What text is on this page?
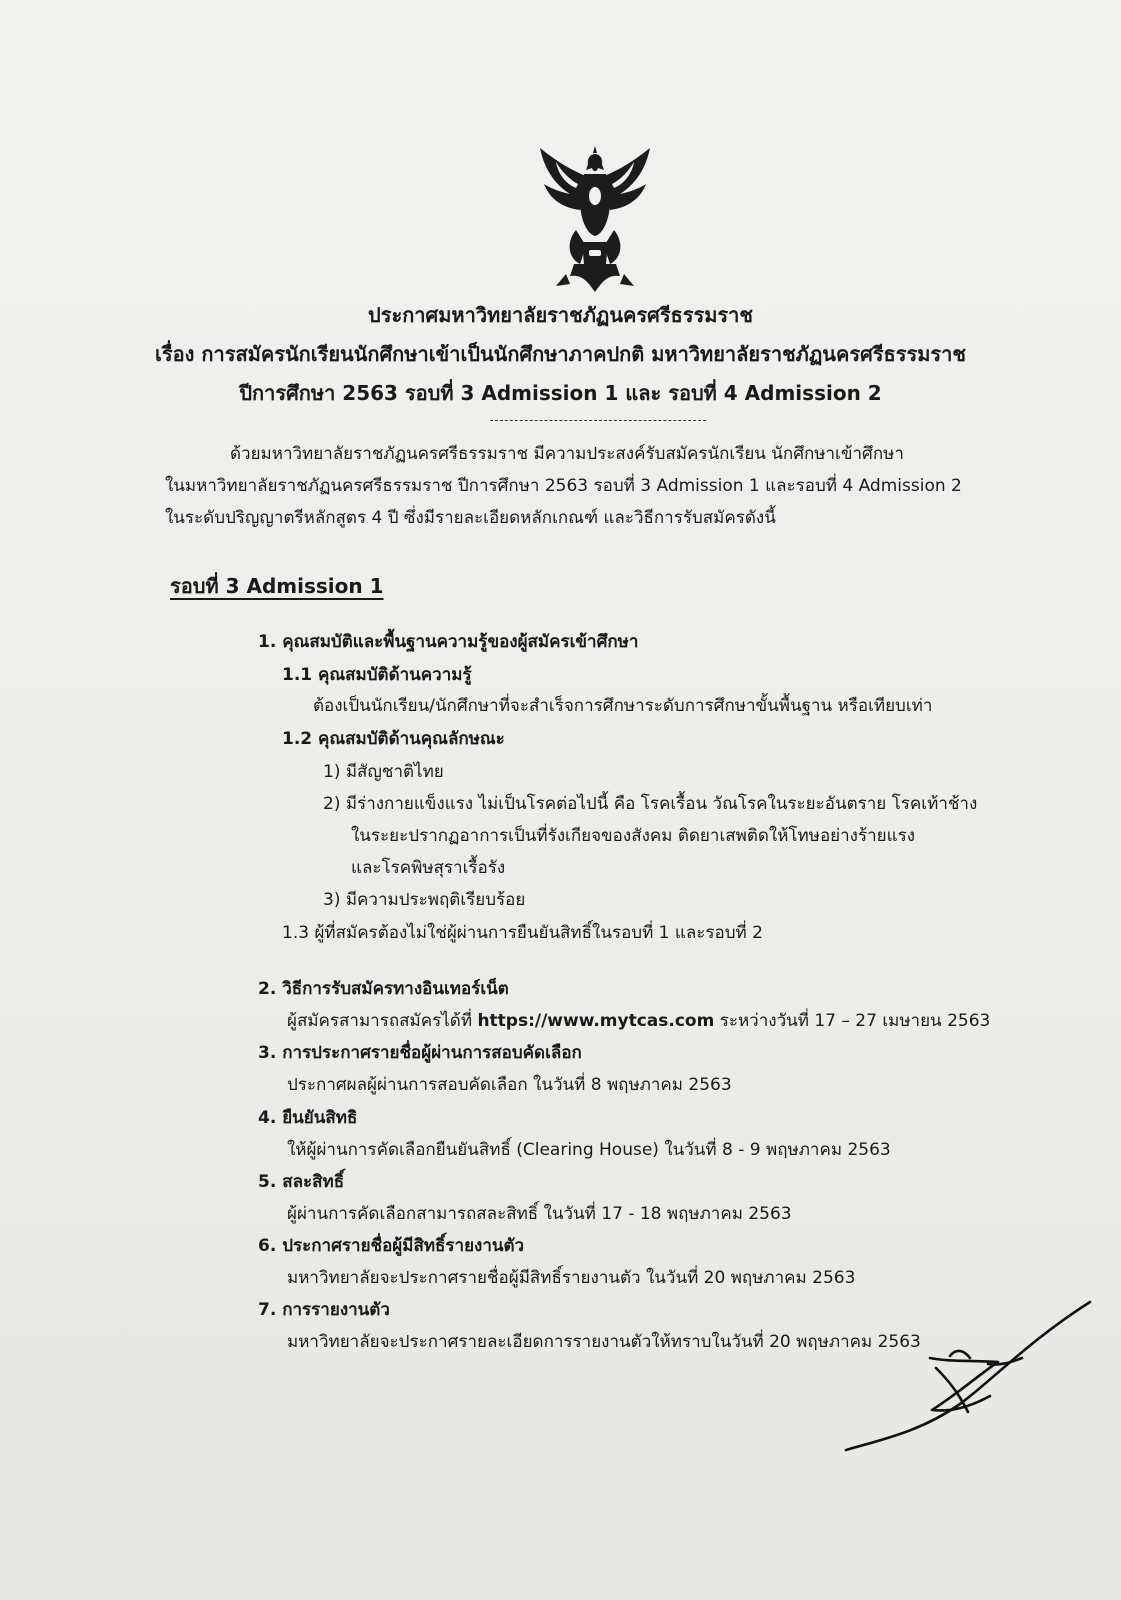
ประกาศมหาวิทยาลัยราชภัฏนครศรีธรรมราช
เรื่อง การสมัครนักเรียนนักศึกษาเข้าเป็นนักศึกษาภาคปกติ มหาวิทยาลัยราชภัฏนครศรีธรรมราช
ปีการศึกษา 2563 รอบที่ 3 Admission 1 และ รอบที่ 4 Admission 2
ด้วยมหาวิทยาลัยราชภัฏนครศรีธรรมราช มีความประสงค์รับสมัครนักเรียน นักศึกษาเข้าศึกษา
ในมหาวิทยาลัยราชภัฏนครศรีธรรมราช ปีการศึกษา 2563 รอบที่ 3 Admission 1 และรอบที่ 4 Admission 2
ในระดับปริญญาตรีหลักสูตร 4 ปี ซึ่งมีรายละเอียดหลักเกณฑ์ และวิธีการรับสมัครดังนี้
รอบที่ 3 Admission 1
1. คุณสมบัติและพื้นฐานความรู้ของผู้สมัครเข้าศึกษา
1.1 คุณสมบัติด้านความรู้
ต้องเป็นนักเรียน/นักศึกษาที่จะสำเร็จการศึกษาระดับการศึกษาขั้นพื้นฐาน หรือเทียบเท่า
1.2 คุณสมบัติด้านคุณลักษณะ
1) มีสัญชาติไทย
2) มีร่างกายแข็งแรง ไม่เป็นโรคต่อไปนี้ คือ โรคเรื้อน วัณโรคในระยะอันตราย โรคเท้าช้าง
ในระยะปรากฏอาการเป็นที่รังเกียจของสังคม ติดยาเสพติดให้โทษอย่างร้ายแรง
และโรคพิษสุราเรื้อรัง
3) มีความประพฤติเรียบร้อย
1.3 ผู้ที่สมัครต้องไม่ใช่ผู้ผ่านการยืนยันสิทธิ์ในรอบที่ 1 และรอบที่ 2
2. วิธีการรับสมัครทางอินเทอร์เน็ต
ผู้สมัครสามารถสมัครได้ที่ https://www.mytcas.com ระหว่างวันที่ 17 – 27 เมษายน 2563
3. การประกาศรายชื่อผู้ผ่านการสอบคัดเลือก
ประกาศผลผู้ผ่านการสอบคัดเลือก ในวันที่ 8 พฤษภาคม 2563
4. ยืนยันสิทธิ
ให้ผู้ผ่านการคัดเลือกยืนยันสิทธิ์ (Clearing House) ในวันที่ 8 - 9 พฤษภาคม 2563
5. สละสิทธิ์
ผู้ผ่านการคัดเลือกสามารถสละสิทธิ์ ในวันที่ 17 - 18 พฤษภาคม 2563
6. ประกาศรายชื่อผู้มีสิทธิ์รายงานตัว
มหาวิทยาลัยจะประกาศรายชื่อผู้มีสิทธิ์รายงานตัว ในวันที่ 20 พฤษภาคม 2563
7. การรายงานตัว
มหาวิทยาลัยจะประกาศรายละเอียดการรายงานตัวให้ทราบในวันที่ 20 พฤษภาคม 2563
